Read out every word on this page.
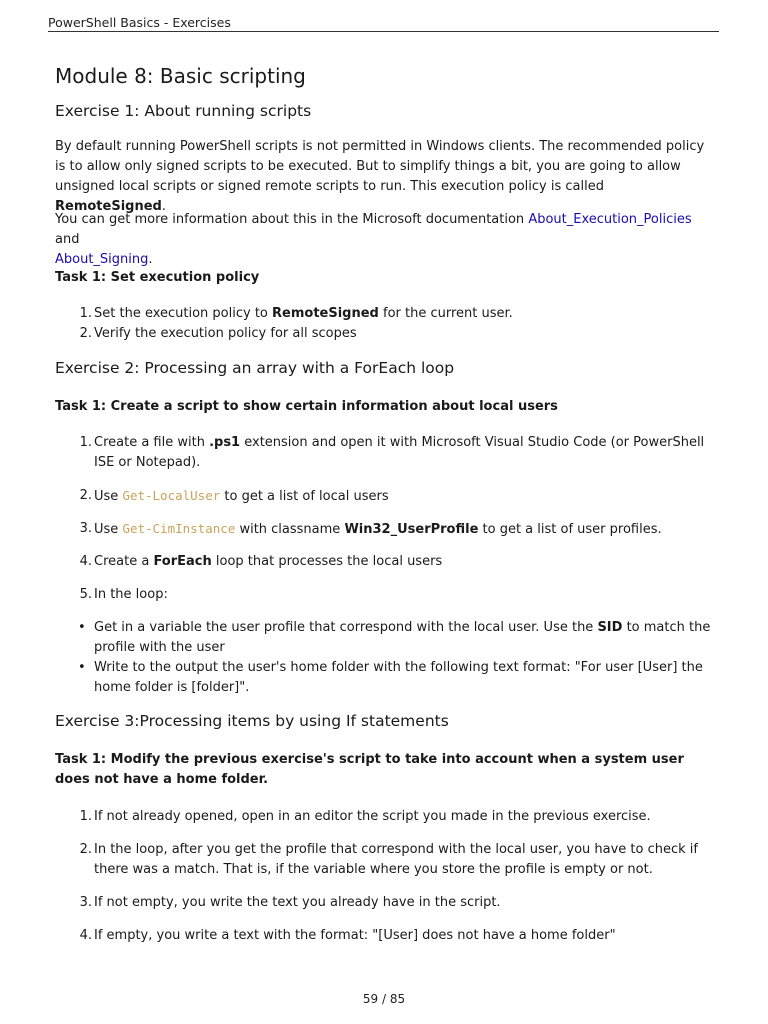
PowerShell Basics - Exercises
Module 8: Basic scripting
Exercise 1: About running scripts
By default running PowerShell scripts is not permitted in Windows clients. The recommended policy is to allow only signed scripts to be executed. But to simplify things a bit, you are going to allow unsigned local scripts or signed remote scripts to run. This execution policy is called RemoteSigned.
You can get more information about this in the Microsoft documentation About_Execution_Policies and
About_Signing.
Task 1: Set execution policy
1. Set the execution policy to RemoteSigned for the current user.
2. Verify the execution policy for all scopes
Exercise 2: Processing an array with a ForEach loop
Task 1: Create a script to show certain information about local users
1. Create a file with .ps1 extension and open it with Microsoft Visual Studio Code (or PowerShell ISE or Notepad).
2. Use Get-LocalUser to get a list of local users
3. Use Get-CimInstance with classname Win32_UserProfile to get a list of user profiles.
4. Create a ForEach loop that processes the local users
5. In the loop:
• Get in a variable the user profile that correspond with the local user. Use the SID to match the profile with the user
• Write to the output the user's home folder with the following text format: "For user [User] the home folder is [folder]".
Exercise 3:Processing items by using If statements
Task 1: Modify the previous exercise's script to take into account when a system user does not have a home folder.
1. If not already opened, open in an editor the script you made in the previous exercise.
2. In the loop, after you get the profile that correspond with the local user, you have to check if there was a match. That is, if the variable where you store the profile is empty or not.
3. If not empty, you write the text you already have in the script.
4. If empty, you write a text with the format: "[User] does not have a home folder"
59 / 85
